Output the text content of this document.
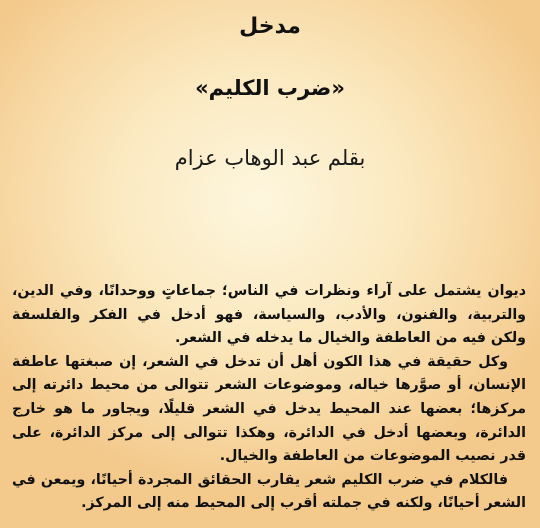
مدخل
«ضرب الكليم»
بقلم عبد الوهاب عزام

ديوان يشتمل على آراء ونظرات في الناس؛ جماعاتٍ ووحدانًا، وفي الدين، والتربية، والفنون، والأدب، والسياسة، فهو أدخل في الفكر والفلسفة ولكن فيه من العاطفة والخيال ما يدخله في الشعر.

وكل حقيقة في هذا الكون أهل أن تدخل في الشعر، إن صبغتها عاطفة الإنسان، أو صوَّرها خياله، وموضوعات الشعر تتوالى من محيط دائرته إلى مركزها؛ بعضها عند المحيط يدخل في الشعر قليلًا، ويجاور ما هو خارج الدائرة، وبعضها أدخل في الدائرة، وهكذا تتوالى إلى مركز الدائرة، على قدر نصيب الموضوعات من العاطفة والخيال.

فالكلام في ضرب الكليم شعر يقارب الحقائق المجردة أحيانًا، ويمعن في الشعر أحيانًا، ولكنه في جملته أقرب إلى المحيط منه إلى المركز.
